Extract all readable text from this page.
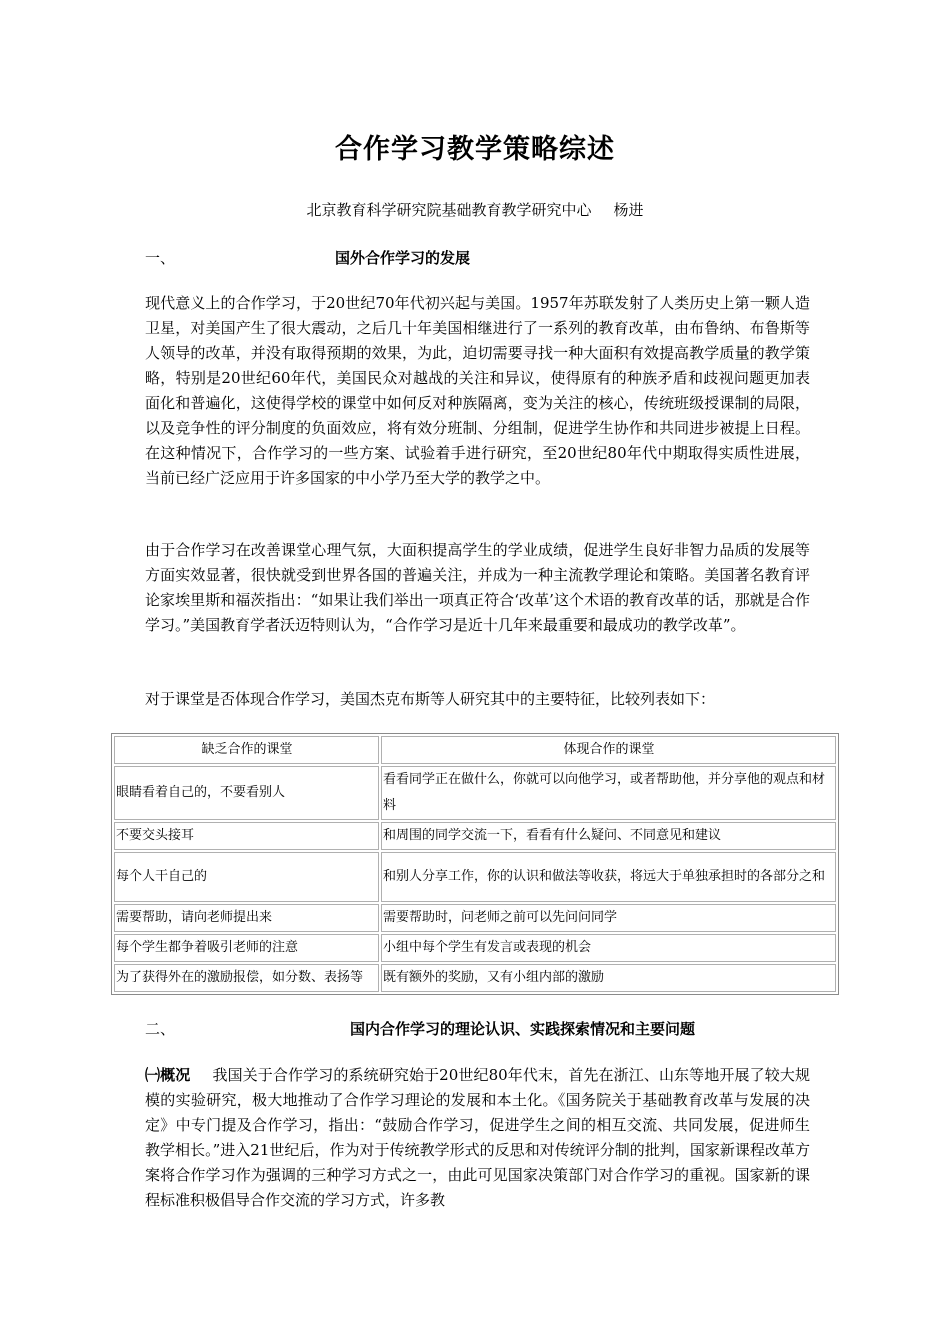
合作学习教学策略综述
北京教育科学研究院基础教育教学研究中心 杨进
一、	国外合作学习的发展

现代意义上的合作学习，于20世纪70年代初兴起与美国。1957年苏联发射了人类历史上第一颗人造卫星，对美国产生了很大震动，之后几十年美国相继进行了一系列的教育改革，由布鲁纳、布鲁斯等人领导的改革，并没有取得预期的效果，为此，迫切需要寻找一种大面积有效提高教学质量的教学策略，特别是20世纪60年代，美国民众对越战的关注和异议，使得原有的种族矛盾和歧视问题更加表面化和普遍化，这使得学校的课堂中如何反对种族隔离，变为关注的核心，传统班级授课制的局限，以及竞争性的评分制度的负面效应，将有效分班制、分组制，促进学生协作和共同进步被提上日程。在这种情况下，合作学习的一些方案、试验着手进行研究，至20世纪80年代中期取得实质性进展，当前已经广泛应用于许多国家的中小学乃至大学的教学之中。

由于合作学习在改善课堂心理气氛，大面积提高学生的学业成绩，促进学生良好非智力品质的发展等方面实效显著，很快就受到世界各国的普遍关注，并成为一种主流教学理论和策略。美国著名教育评论家埃里斯和福茨指出：“如果让我们举出一项真正符合‘改革’这个术语的教育改革的话，那就是合作学习。”美国教育学者沃迈特则认为，“合作学习是近十几年来最重要和最成功的教学改革”。

对于课堂是否体现合作学习，美国杰克布斯等人研究其中的主要特征，比较列表如下：

缺乏合作的课堂	体现合作的课堂
眼睛看着自己的，不要看别人	看看同学正在做什么，你就可以向他学习，或者帮助他，并分享他的观点和材料
不要交头接耳	和周围的同学交流一下，看看有什么疑问、不同意见和建议
每个人干自己的	和别人分享工作，你的认识和做法等收获，将远大于单独承担时的各部分之和
需要帮助，请向老师提出来	需要帮助时，问老师之前可以先问问同学
每个学生都争着吸引老师的注意	小组中每个学生有发言或表现的机会
为了获得外在的激励报偿，如分数、表扬等	既有额外的奖励，又有小组内部的激励
二、	国内合作学习的理论认识、实践探索情况和主要问题

㈠概况 我国关于合作学习的系统研究始于20世纪80年代末，首先在浙江、山东等地开展了较大规模的实验研究，极大地推动了合作学习理论的发展和本土化。《国务院关于基础教育改革与发展的决定》中专门提及合作学习，指出：“鼓励合作学习，促进学生之间的相互交流、共同发展，促进师生教学相长。”进入21世纪后，作为对于传统教学形式的反思和对传统评分制的批判，国家新课程改革方案将合作学习作为强调的三种学习方式之一，由此可见国家决策部门对合作学习的重视。国家新的课程标准积极倡导合作交流的学习方式，许多教
